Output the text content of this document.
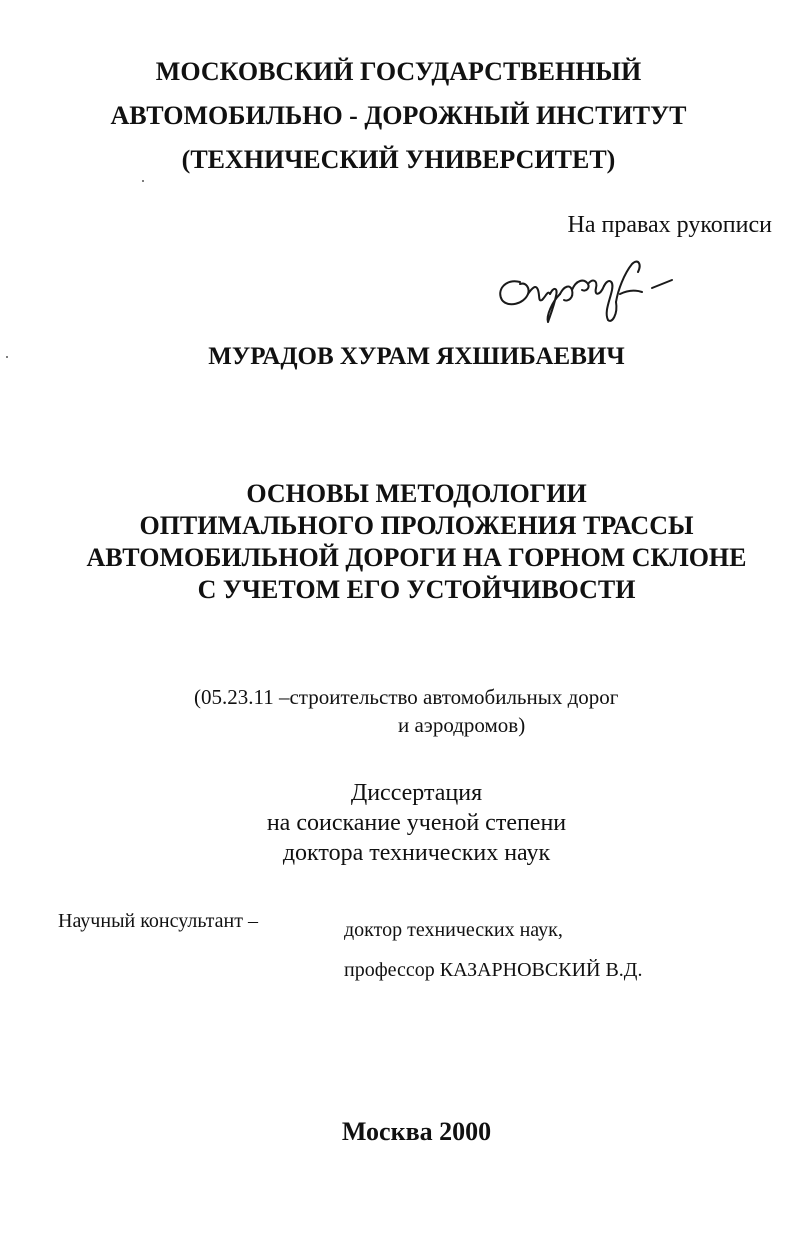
МОСКОВСКИЙ ГОСУДАРСТВЕННЫЙ
АВТОМОБИЛЬНО - ДОРОЖНЫЙ ИНСТИТУТ
(ТЕХНИЧЕСКИЙ УНИВЕРСИТЕТ)
На правах рукописи
МУРАДОВ ХУРАМ ЯХШИБАЕВИЧ
ОСНОВЫ МЕТОДОЛОГИИ
ОПТИМАЛЬНОГО ПРОЛОЖЕНИЯ ТРАССЫ
АВТОМОБИЛЬНОЙ ДОРОГИ НА ГОРНОМ СКЛОНЕ
С УЧЕТОМ ЕГО УСТОЙЧИВОСТИ
(05.23.11 –строительство автомобильных дорог
и аэродромов)
Диссертация
на соискание ученой степени
доктора технических наук
Научный консультант –	доктор технических наук,
профессор КАЗАРНОВСКИЙ В.Д.
Москва 2000
